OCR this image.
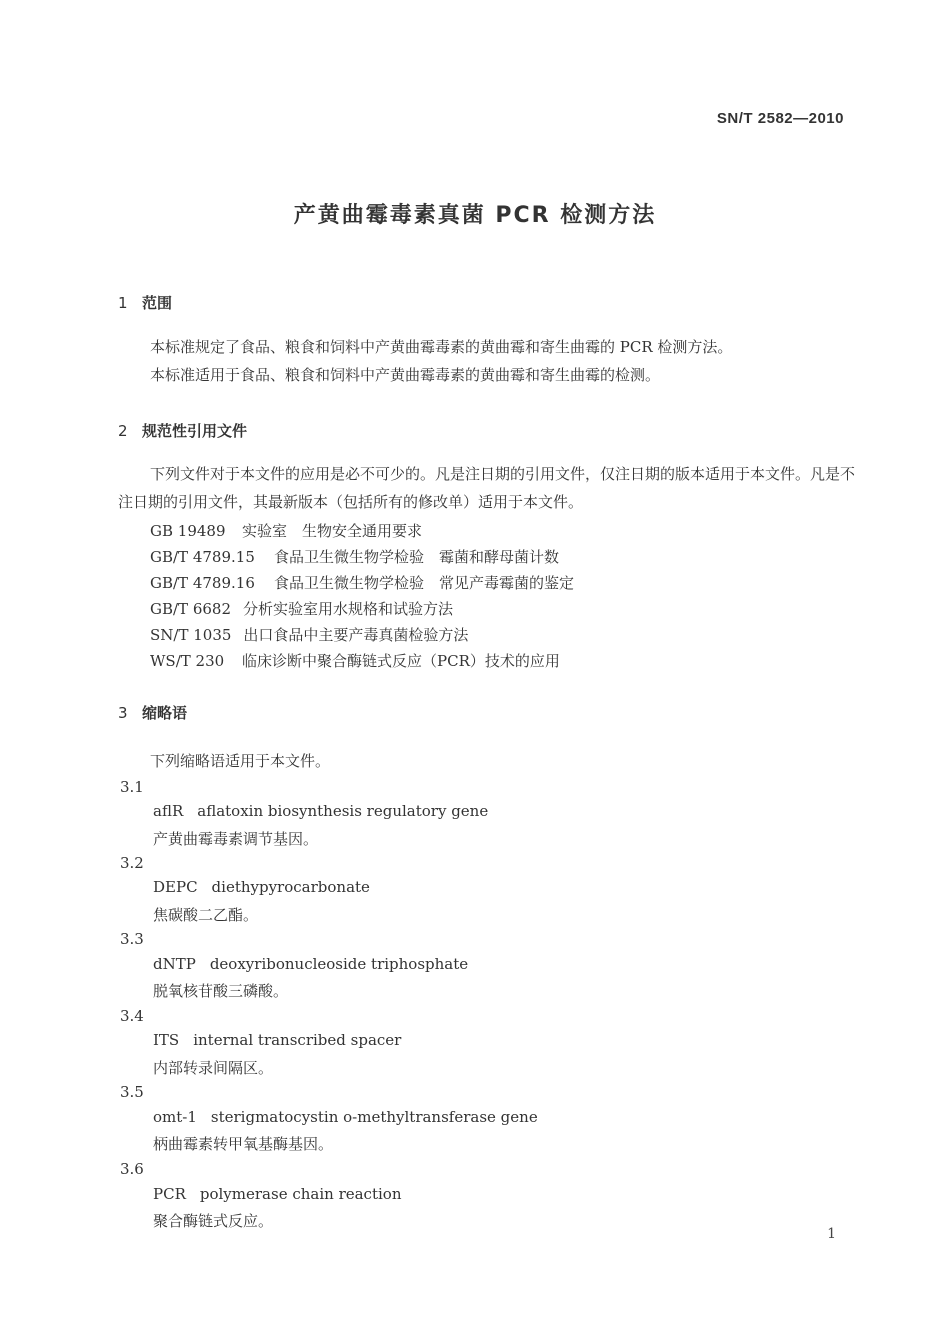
SN/T 2582—2010
产黄曲霉毒素真菌 PCR 检测方法
1 范围
本标准规定了食品、粮食和饲料中产黄曲霉毒素的黄曲霉和寄生曲霉的 PCR 检测方法。
本标准适用于食品、粮食和饲料中产黄曲霉毒素的黄曲霉和寄生曲霉的检测。
2 规范性引用文件
下列文件对于本文件的应用是必不可少的。凡是注日期的引用文件，仅注日期的版本适用于本文件。凡是不注日期的引用文件，其最新版本（包括所有的修改单）适用于本文件。
GB 19489 实验室　生物安全通用要求
GB/T 4789.15 食品卫生微生物学检验　霉菌和酵母菌计数
GB/T 4789.16 食品卫生微生物学检验　常见产毒霉菌的鉴定
GB/T 6682 分析实验室用水规格和试验方法
SN/T 1035 出口食品中主要产毒真菌检验方法
WS/T 230 临床诊断中聚合酶链式反应（PCR）技术的应用
3 缩略语
下列缩略语适用于本文件。
3.1
aflR aflatoxin biosynthesis regulatory gene
产黄曲霉毒素调节基因。
3.2
DEPC diethypyrocarbonate
焦碳酸二乙酯。
3.3
dNTP deoxyribonucleoside triphosphate
脱氧核苷酸三磷酸。
3.4
ITS internal transcribed spacer
内部转录间隔区。
3.5
omt-1 sterigmatocystin o-methyltransferase gene
柄曲霉素转甲氧基酶基因。
3.6
PCR polymerase chain reaction
聚合酶链式反应。
1
